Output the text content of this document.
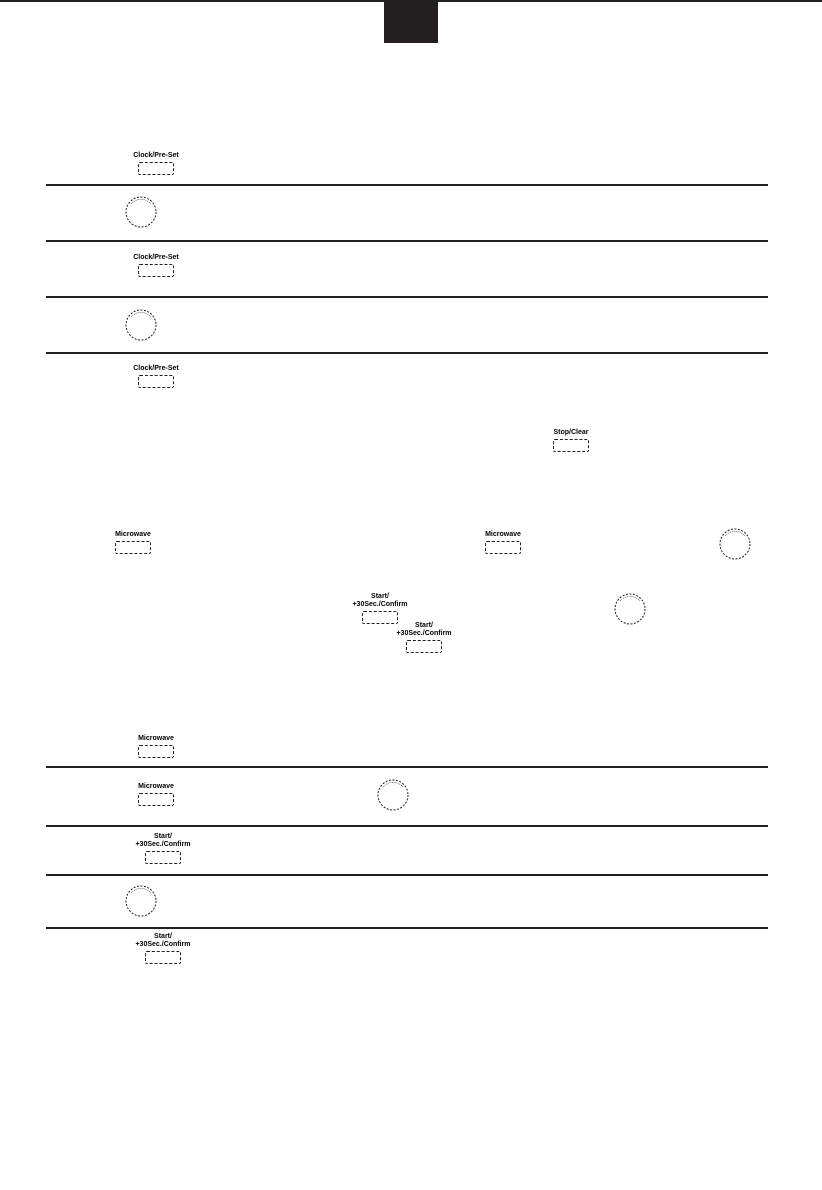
Clock/Pre-Set
Clock/Pre-Set
Clock/Pre-Set
Stop/Clear
Microwave	Microwave
Start/
+30Sec./Confirm
Start/
+30Sec./Confirm
Microwave
Microwave
Start/
+30Sec./Confirm
Start/
+30Sec./Confirm
